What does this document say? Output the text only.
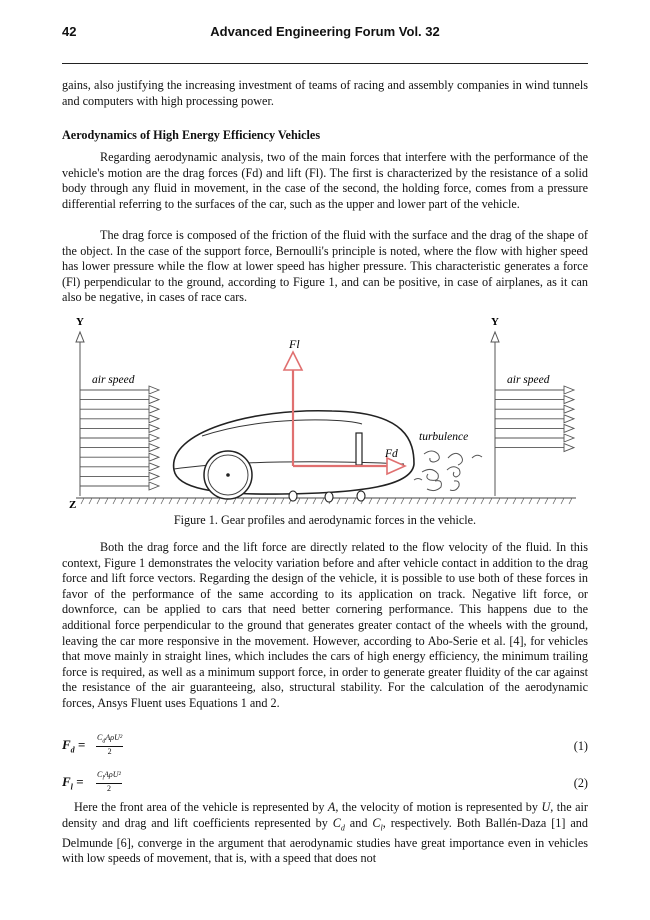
42	Advanced Engineering Forum Vol. 32

gains, also justifying the increasing investment of teams of racing and assembly companies in wind tunnels and computers with high processing power.

Aerodynamics of High Energy Efficiency Vehicles

Regarding aerodynamic analysis, two of the main forces that interfere with the performance of the vehicle's motion are the drag forces (Fd) and lift (Fl). The first is characterized by the resistance of a solid body through any fluid in movement, in the case of the second, the holding force, comes from a pressure differential referring to the surfaces of the car, such as the upper and lower part of the vehicle.

The drag force is composed of the friction of the fluid with the surface and the drag of the shape of the object. In the case of the support force, Bernoulli's principle is noted, where the flow with higher speed has lower pressure while the flow at lower speed has higher pressure. This characteristic generates a force (Fl) perpendicular to the ground, according to Figure 1, and can be positive, in case of airplanes, as it can also be negative, in cases of race cars.

Y
Z
Y
air speed	air speed
Fl
Fd
turbulence
Figure 1. Gear profiles and aerodynamic forces in the vehicle.

Both the drag force and the lift force are directly related to the flow velocity of the fluid. In this context, Figure 1 demonstrates the velocity variation before and after vehicle contact in addition to the drag force and lift force vectors. Regarding the design of the vehicle, it is possible to use both of these forces in favor of the performance of the same according to its application on track. Negative lift force, or downforce, can be applied to cars that need better cornering performance. This happens due to the additional force perpendicular to the ground that generates greater contact of the wheels with the ground, leaving the car more responsive in the movement. However, according to Abo-Serie et al. [4], for vehicles that move mainly in straight lines, which includes the cars of high energy efficiency, the minimum trailing force is required, as well as a minimum support force, in order to generate greater fluidity of the car against the resistance of the air guaranteeing, also, structural stability. For the calculation of the aerodynamic forces, Ansys Fluent uses Equations 1 and 2.

$F_d = C_dA\rho U^2$
2	(1)
$F_l = C_lA\rho U^2$
2	(2)

Here the front area of the vehicle is represented by A, the velocity of motion is represented by U, the air density and drag and lift coefficients represented by $C_d$ and $C_l$, respectively. Both Ballén-Daza [1] and Delmunde [6], converge in the argument that aerodynamic studies have great importance even in vehicles with low speeds of movement, that is, with a speed that does not
